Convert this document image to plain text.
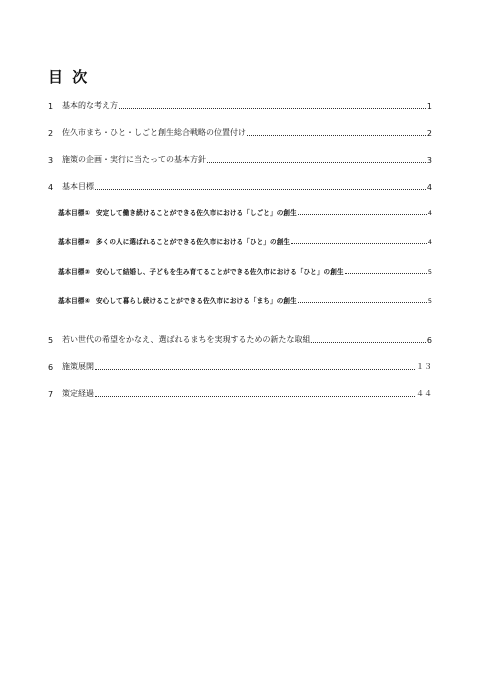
目 次
1	基本的な考え方	1
2	佐久市まち・ひと・しごと創生総合戦略の位置付け	2
3	施策の企画・実行に当たっての基本方針	3
4	基本目標	4
基本目標① 安定して働き続けることができる佐久市における「しごと」の創生	4
基本目標② 多くの人に選ばれることができる佐久市における「ひと」の創生	4
基本目標③ 安心して結婚し、子どもを生み育てることができる佐久市における「ひと」の創生	5
基本目標④ 安心して暮らし続けることができる佐久市における「まち」の創生	5
5	若い世代の希望をかなえ、選ばれるまちを実現するための新たな取組	6
6	施策展開	１３
7	策定経過	４４
